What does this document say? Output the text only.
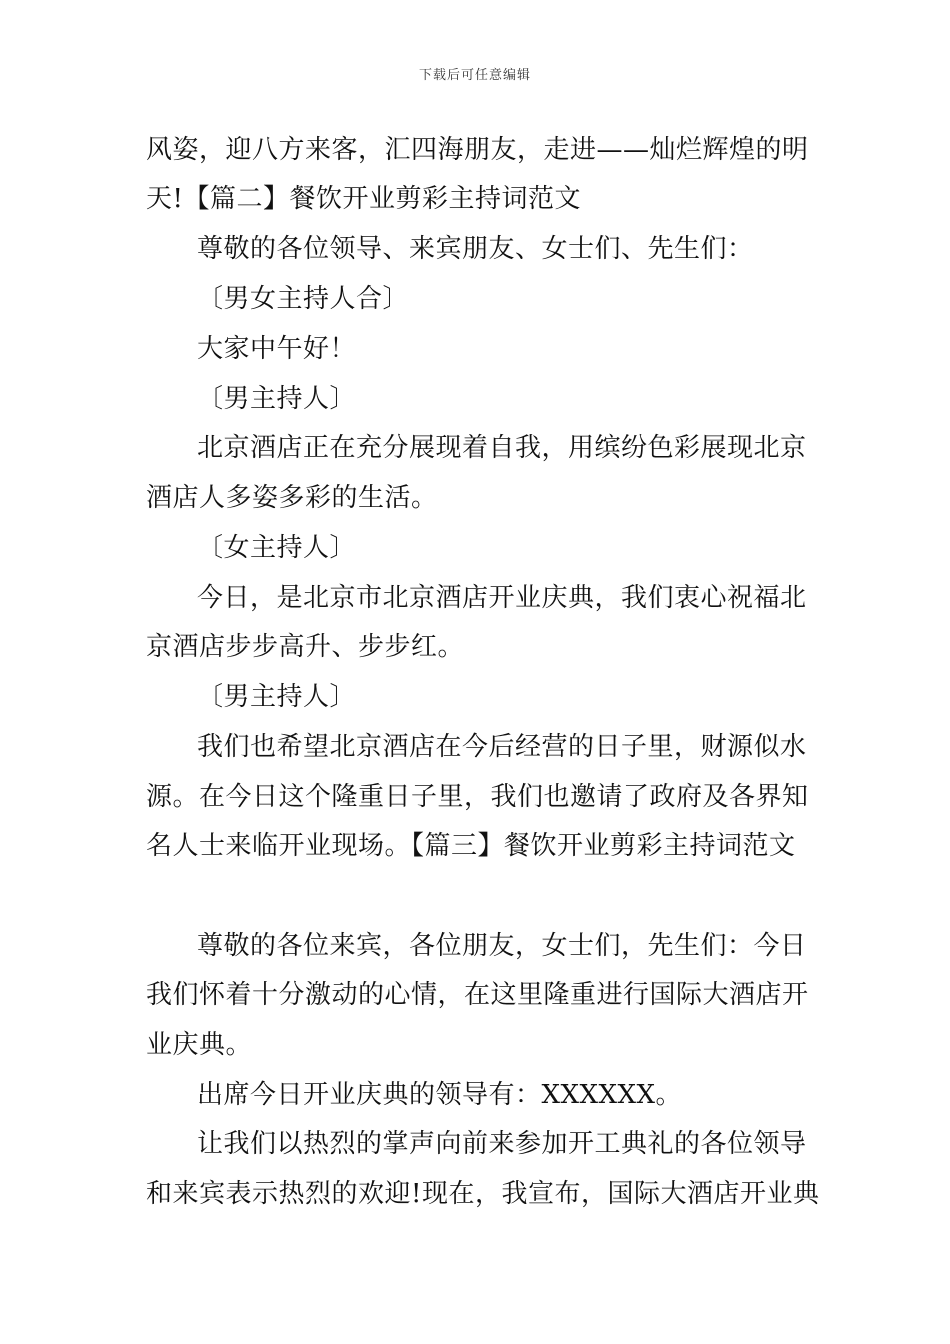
下载后可任意编辑
风姿，迎八方来客，汇四海朋友，走进——灿烂辉煌的明
天!【篇二】餐饮开业剪彩主持词范文
尊敬的各位领导、来宾朋友、女士们、先生们：
〔男女主持人合〕
大家中午好！
〔男主持人〕
北京酒店正在充分展现着自我，用缤纷色彩展现北京
酒店人多姿多彩的生活。
〔女主持人〕
今日，是北京市北京酒店开业庆典，我们衷心祝福北
京酒店步步高升、步步红。
〔男主持人〕
我们也希望北京酒店在今后经营的日子里，财源似水
源。在今日这个隆重日子里，我们也邀请了政府及各界知
名人士来临开业现场。【篇三】餐饮开业剪彩主持词范文
尊敬的各位来宾，各位朋友，女士们，先生们：今日
我们怀着十分激动的心情，在这里隆重进行国际大酒店开
业庆典。
出席今日开业庆典的领导有：XXXXXX。
让我们以热烈的掌声向前来参加开工典礼的各位领导
和来宾表示热烈的欢迎!现在，我宣布，国际大酒店开业典
